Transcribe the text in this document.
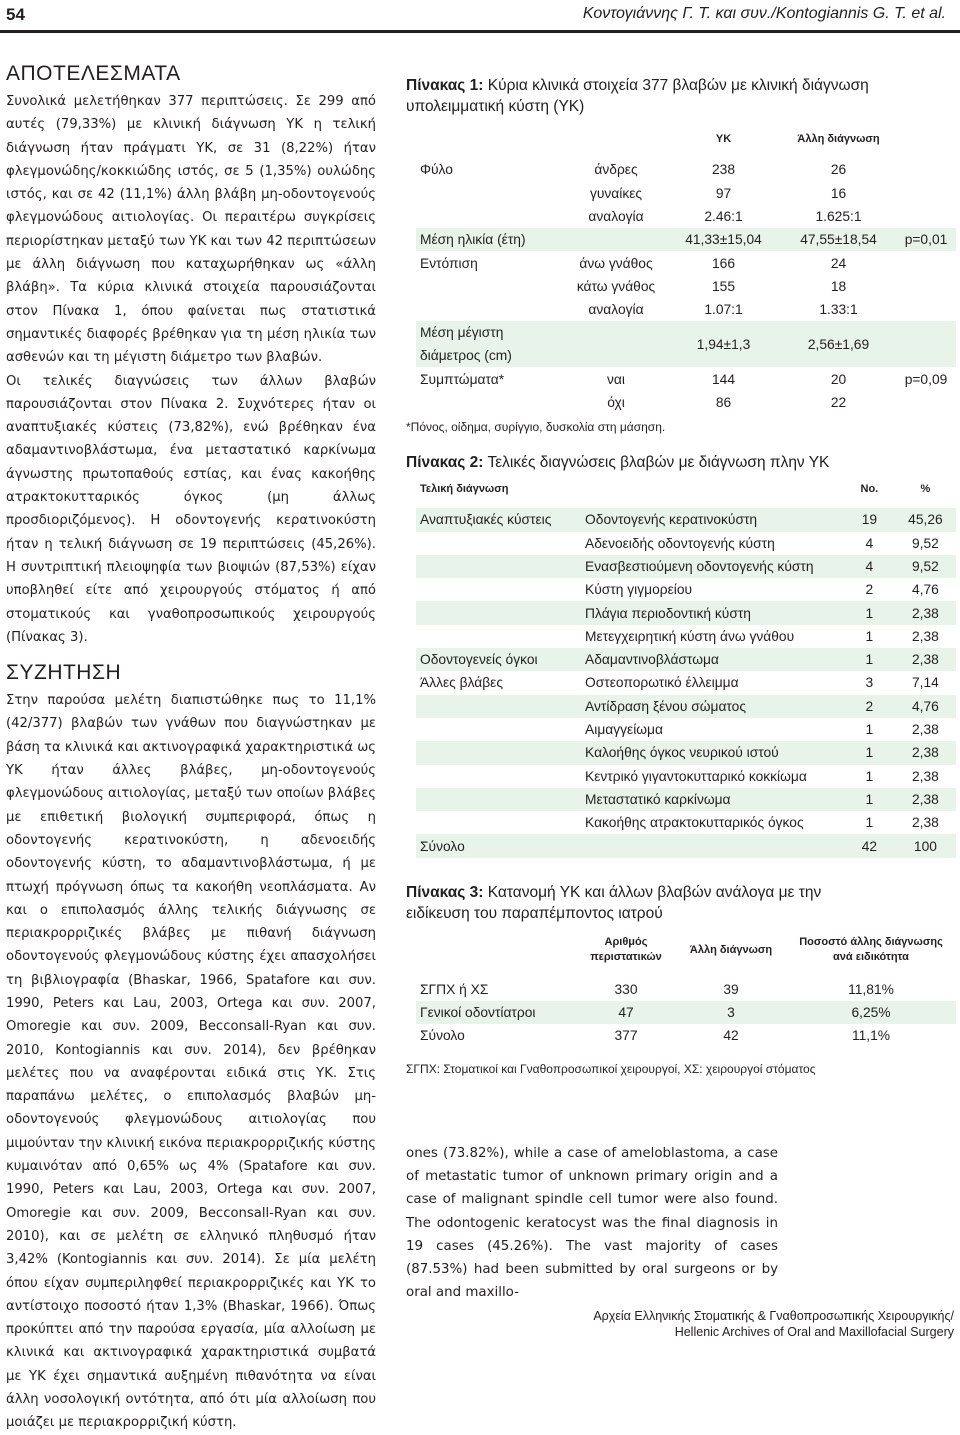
54	Κοντογιάννης Γ. Τ. και συν./Kontogiannis G. T. et al.
ΑΠΟΤΕΛΕΣΜΑΤΑ

Συνολικά μελετήθηκαν 377 περιπτώσεις. Σε 299 από αυτές (79,33%) με κλινική διάγνωση ΥΚ η τελική διάγνωση ήταν πράγματι ΥΚ, σε 31 (8,22%) ήταν φλεγμονώδης/κοκκιώδης ιστός, σε 5 (1,35%) ουλώδης ιστός, και σε 42 (11,1%) άλλη βλάβη μη-οδοντογενούς φλεγμονώδους αιτιολογίας. Οι περαιτέρω συγκρίσεις περιορίστηκαν μεταξύ των ΥΚ και των 42 περιπτώσεων με άλλη διάγνωση που καταχωρήθηκαν ως «άλλη βλάβη». Τα κύρια κλινικά στοιχεία παρουσιάζονται στον Πίνακα 1, όπου φαίνεται πως στατιστικά σημαντικές διαφορές βρέθηκαν για τη μέση ηλικία των ασθενών και τη μέγιστη διάμετρο των βλαβών.

Οι τελικές διαγνώσεις των άλλων βλαβών παρουσιάζονται στον Πίνακα 2. Συχνότερες ήταν οι αναπτυξιακές κύστεις (73,82%), ενώ βρέθηκαν ένα αδαμαντινοβλάστωμα, ένα μεταστατικό καρκίνωμα άγνωστης πρωτοπαθούς εστίας, και ένας κακοήθης ατρακτοκυτταρικός όγκος (μη άλλως προσδιοριζόμενος). Η οδοντογενής κερατινοκύστη ήταν η τελική διάγνωση σε 19 περιπτώσεις (45,26%). Η συντριπτική πλειοψηφία των βιοψιών (87,53%) είχαν υποβληθεί είτε από χειρουργούς στόματος ή από στοματικούς και γναθοπροσωπικούς χειρουργούς (Πίνακας 3).

ΣΥΖΗΤΗΣΗ

Στην παρούσα μελέτη διαπιστώθηκε πως το 11,1% (42/377) βλαβών των γνάθων που διαγνώστηκαν με βάση τα κλινικά και ακτινογραφικά χαρακτηριστικά ως ΥΚ ήταν άλλες βλάβες, μη-οδοντογενούς φλεγμονώδους αιτιολογίας, μεταξύ των οποίων βλάβες με επιθετική βιολογική συμπεριφορά, όπως η οδοντογενής κερατινοκύστη, η αδενοειδής οδοντογενής κύστη, το αδαμαντινοβλάστωμα, ή με πτωχή πρόγνωση όπως τα κακοήθη νεοπλάσματα. Αν και ο επιπολασμός άλλης τελικής διάγνωσης σε περιακρορριζικές βλάβες με πιθανή διάγνωση οδοντογενούς φλεγμονώδους κύστης έχει απασχολήσει τη βιβλιογραφία (Bhaskar, 1966, Spatafore και συν. 1990, Peters και Lau, 2003, Ortega και συν. 2007, Omoregie και συν. 2009, Becconsall-Ryan και συν. 2010, Kontogiannis και συν. 2014), δεν βρέθηκαν μελέτες που να αναφέρονται ειδικά στις ΥΚ. Στις παραπάνω μελέτες, ο επιπολασμός βλαβών μη-οδοντογενούς φλεγμονώδους αιτιολογίας που μιμούνταν την κλινική εικόνα περιακρορριζικής κύστης κυμαινόταν από 0,65% ως 4% (Spatafore και συν. 1990, Peters και Lau, 2003, Ortega και συν. 2007, Omoregie και συν. 2009, Becconsall-Ryan και συν. 2010), και σε μελέτη σε ελληνικό πληθυσμό ήταν 3,42% (Kontogiannis και συν. 2014). Σε μία μελέτη όπου είχαν συμπεριληφθεί περιακρορριζικές και ΥΚ το αντίστοιχο ποσοστό ήταν 1,3% (Bhaskar, 1966). Όπως προκύπτει από την παρούσα εργασία, μία αλλοίωση με κλινικά και ακτινογραφικά χαρακτηριστικά συμβατά με ΥΚ έχει σημαντικά αυξημένη πιθανότητα να είναι άλλη νοσολογική οντότητα, από ότι μία αλλοίωση που μοιάζει με περιακρορριζική κύστη.

Πίνακας 1: Κύρια κλινικά στοιχεία 377 βλαβών με κλινική διάγνωση υπολειμματική κύστη (ΥΚ)
		ΥΚ	Άλλη διάγνωση	

Φύλο	άνδρες	238	26	
	γυναίκες	97	16	
	αναλογία	2.46:1	1.625:1	
Μέση ηλικία (έτη)		41,33±15,04	47,55±18,54	p=0,01
Εντόπιση	άνω γνάθος	166	24	
	κάτω γνάθος	155	18	
	αναλογία	1.07:1	1.33:1	
Μέση μέγιστη
διάμετρος (cm)		1,94±1,3	2,56±1,69	
Συμπτώματα*	ναι	144	20	p=0,09
	όχι	86	22	
*Πόνος, οίδημα, συρίγγιο, δυσκολία στη μάσηση.
Πίνακας 2: Τελικές διαγνώσεις βλαβών με διάγνωση πλην ΥΚ
Τελική διάγνωση		No.	%

Αναπτυξιακές κύστεις	Οδοντογενής κερατινοκύστη	19	45,26
	Αδενοειδής οδοντογενής κύστη	4	9,52
	Ενασβεστιούμενη οδοντογενής κύστη	4	9,52
	Κύστη γιγμορείου	2	4,76
	Πλάγια περιοδοντική κύστη	1	2,38
	Μετεγχειρητική κύστη άνω γνάθου	1	2,38
Οδοντογενείς όγκοι	Αδαμαντινοβλάστωμα	1	2,38
Άλλες βλάβες	Οστεοπορωτικό έλλειμμα	3	7,14
	Αντίδραση ξένου σώματος	2	4,76
	Αιμαγγείωμα	1	2,38
	Καλοήθης όγκος νευρικού ιστού	1	2,38
	Κεντρικό γιγαντοκυτταρικό κοκκίωμα	1	2,38
	Μεταστατικό καρκίνωμα	1	2,38
	Κακοήθης ατρακτοκυτταρικός όγκος	1	2,38
Σύνολο		42	100
Πίνακας 3: Κατανομή ΥΚ και άλλων βλαβών ανάλογα με την ειδίκευση του παραπέμποντος ιατρού
	Αριθμός περιστατικών	Άλλη διάγνωση	Ποσοστό άλλης διάγνωσης ανά ειδικότητα

ΣΓΠΧ ή ΧΣ	330	39	11,81%
Γενικοί οδοντίατροι	47	3	6,25%
Σύνολο	377	42	11,1%
ΣΓΠΧ: Στοματικοί και Γναθοπροσωπικοί χειρουργοί, ΧΣ: χειρουργοί στόματος

ones (73.82%), while a case of ameloblastoma, a case of metastatic tumor of unknown primary origin and a case of malignant spindle cell tumor were also found. The odontogenic keratocyst was the final diagnosis in 19 cases (45.26%). The vast majority of cases (87.53%) had been submitted by oral surgeons or by oral and maxillo-

Αρχεία Ελληνικής Στοματικής & Γναθοπροσωπικής Χειρουργικής/
Hellenic Archives of Oral and Maxillofacial Surgery
